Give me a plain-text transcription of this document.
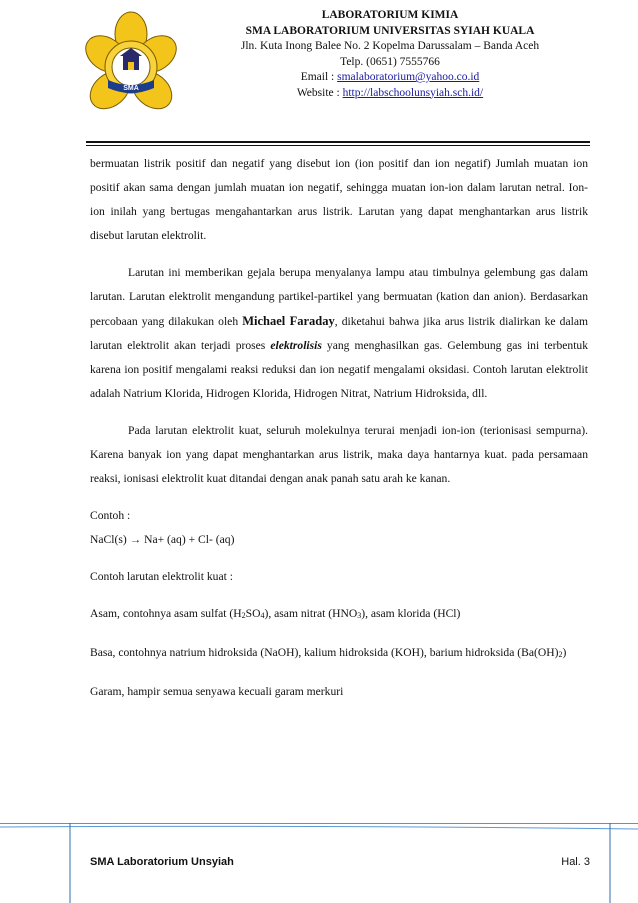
SMA
LABORATORIUM KIMIA
SMA LABORATORIUM UNIVERSITAS SYIAH KUALA
Jln. Kuta Inong Balee No. 2 Kopelma Darussalam – Banda Aceh
Telp. (0651) 7555766
Email : smalaboratorium@yahoo.co.id
Website : http://labschoolunsyiah.sch.id/

bermuatan listrik positif dan negatif yang disebut ion (ion positif dan ion negatif) Jumlah muatan ion positif akan sama dengan jumlah muatan ion negatif, sehingga muatan ion-ion dalam larutan netral. Ion-ion inilah yang bertugas mengahantarkan arus listrik. Larutan yang dapat menghantarkan arus listrik disebut larutan elektrolit.

Larutan ini memberikan gejala berupa menyalanya lampu atau timbulnya gelembung gas dalam larutan. Larutan elektrolit mengandung partikel-partikel yang bermuatan (kation dan anion). Berdasarkan percobaan yang dilakukan oleh Michael Faraday, diketahui bahwa jika arus listrik dialirkan ke dalam larutan elektrolit akan terjadi proses elektrolisis yang menghasilkan gas. Gelembung gas ini terbentuk karena ion positif mengalami reaksi reduksi dan ion negatif mengalami oksidasi. Contoh larutan elektrolit adalah Natrium Klorida, Hidrogen Klorida, Hidrogen Nitrat, Natrium Hidroksida, dll.

Pada larutan elektrolit kuat, seluruh molekulnya terurai menjadi ion-ion (terionisasi sempurna). Karena banyak ion yang dapat menghantarkan arus listrik, maka daya hantarnya kuat. pada persamaan reaksi, ionisasi elektrolit kuat ditandai dengan anak panah satu arah ke kanan.

Contoh :

NaCl(s) → Na+ (aq) + Cl- (aq)

Contoh larutan elektrolit kuat :

Asam, contohnya asam sulfat (H2SO4), asam nitrat (HNO3), asam klorida (HCl)

Basa, contohnya natrium hidroksida (NaOH), kalium hidroksida (KOH), barium hidroksida (Ba(OH)2)

Garam, hampir semua senyawa kecuali garam merkuri

SMA Laboratorium Unsyiah	Hal. 3
